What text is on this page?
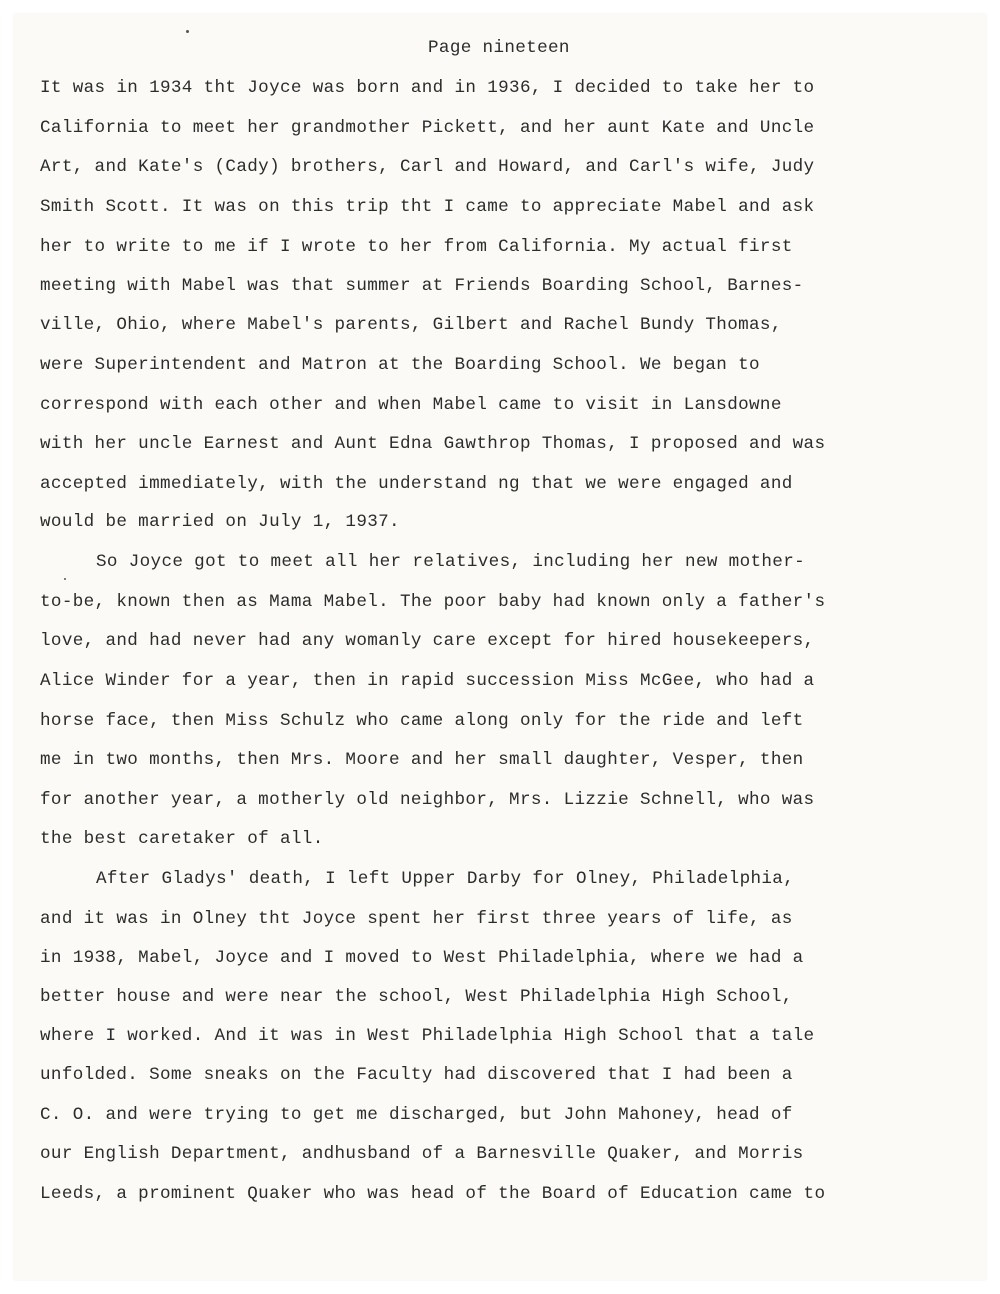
Page nineteen
It was in 1934 tht Joyce was born and in 1936, I decided to take her to
California to meet her grandmother Pickett, and her aunt Kate and Uncle
Art, and Kate's (Cady) brothers, Carl and Howard, and Carl's wife, Judy
Smith Scott. It was on this trip tht I came to appreciate Mabel and ask
her to write to me if I wrote to her from California. My actual first
meeting with Mabel was that summer at Friends Boarding School, Barnes-
ville, Ohio, where Mabel's parents, Gilbert and Rachel Bundy Thomas,
were Superintendent and Matron at the Boarding School. We began to
correspond with each other and when Mabel came to visit in Lansdowne
with her uncle Earnest and Aunt Edna Gawthrop Thomas, I proposed and was
accepted immediately, with the understand ng that we were engaged and
would be married on July 1, 1937.
So Joyce got to meet all her relatives, including her new mother-
to-be, known then as Mama Mabel. The poor baby had known only a father's
love, and had never had any womanly care except for hired housekeepers,
Alice Winder for a year, then in rapid succession Miss McGee, who had a
horse face, then Miss Schulz who came along only for the ride and left
me in two months, then Mrs. Moore and her small daughter, Vesper, then
for another year, a motherly old neighbor, Mrs. Lizzie Schnell, who was
the best caretaker of all.
After Gladys' death, I left Upper Darby for Olney, Philadelphia,
and it was in Olney tht Joyce spent her first three years of life, as
in 1938, Mabel, Joyce and I moved to West Philadelphia, where we had a
better house and were near the school, West Philadelphia High School,
where I worked. And it was in West Philadelphia High School that a tale
unfolded. Some sneaks on the Faculty had discovered that I had been a
C. O. and were trying to get me discharged, but John Mahoney, head of
our English Department, andhusband of a Barnesville Quaker, and Morris
Leeds, a prominent Quaker who was head of the Board of Education came to
